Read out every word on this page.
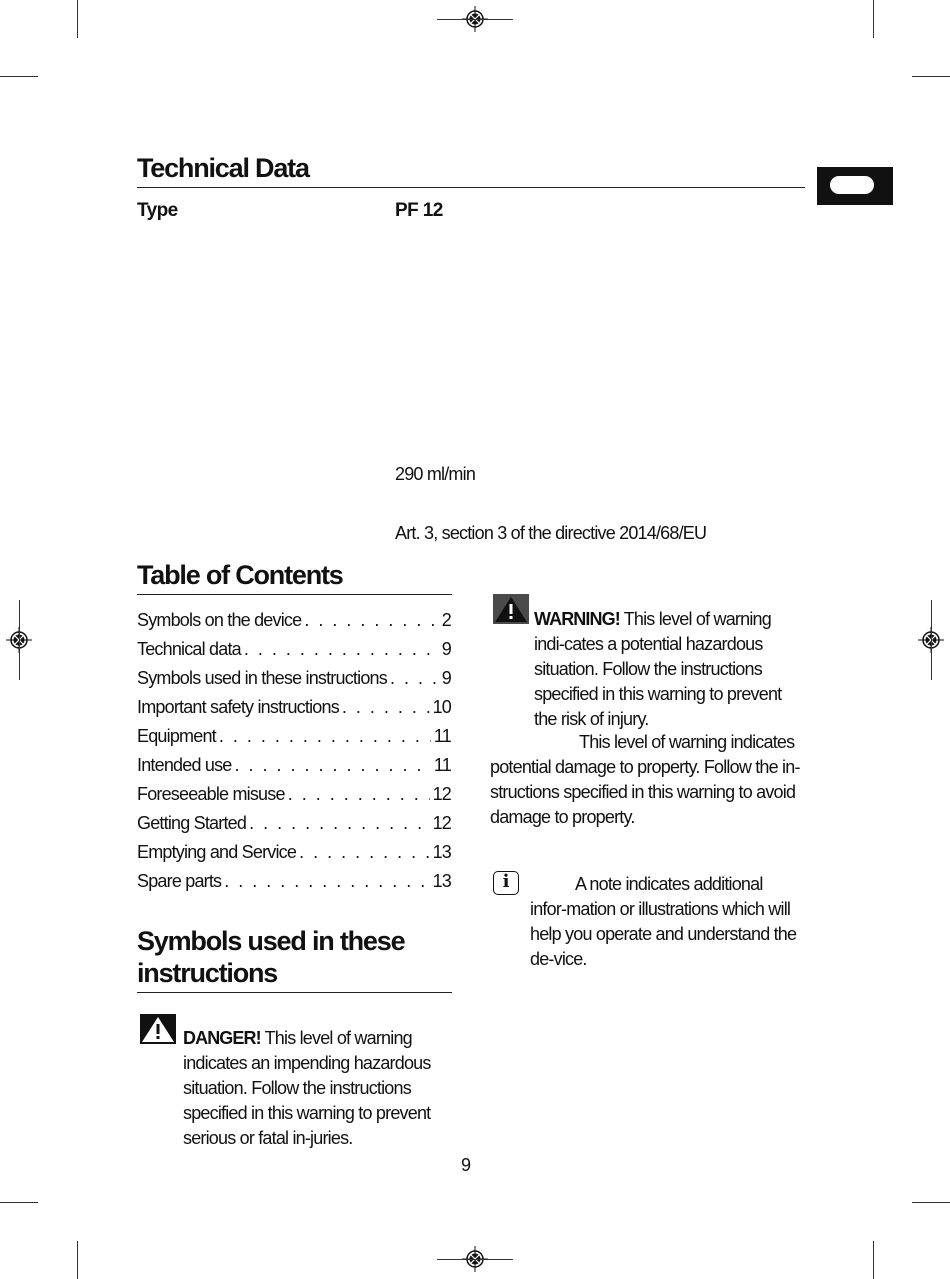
Technical Data
Type	PF 12
290 ml/min
Art. 3, section 3 of the directive 2014/68/EU
Table of Contents
Symbols on the device . . .	2
Technical data . . .	9
Symbols used in these instructions . . .	9
Important safety instructions . . .	10
Equipment . . .	11
Intended use . . .	11
Foreseeable misuse . . .	12
Getting Started . . .	12
Emptying and Service . . .	13
Spare parts . . .	13
Symbols used in these
instructions

DANGER! This level of warning indicates an impending hazardous situation. Follow the instructions specified in this warning to prevent serious or fatal in-juries.

WARNING! This level of warning indi-cates a potential hazardous situation. Follow the instructions specified in this warning to prevent the risk of injury.

This level of warning indicates potential damage to property. Follow the in-structions specified in this warning to avoid damage to property.

i	A note indicates additional infor-mation or illustrations which will help you operate and understand the de-vice.

9
